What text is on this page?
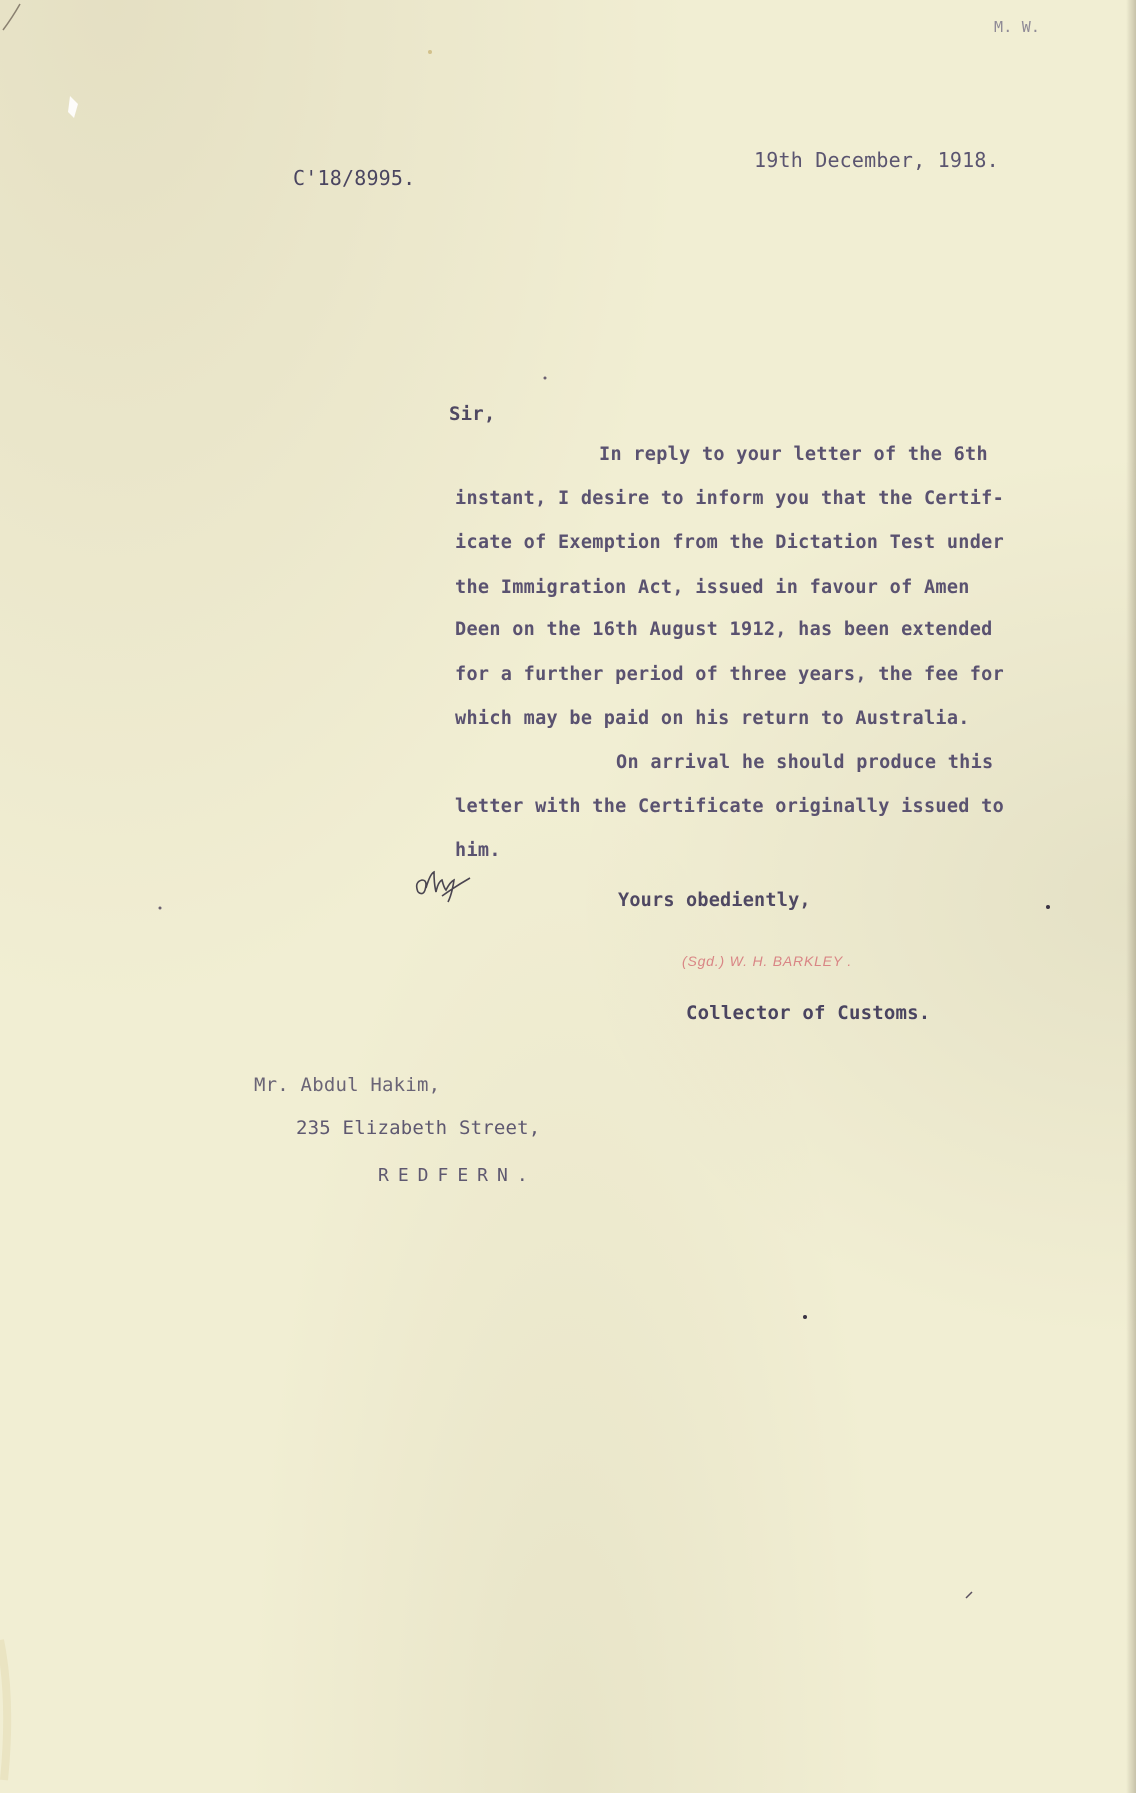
M. W.
C'18/8995.
19th December, 1918.
Sir,
In reply to your letter of the 6th
instant, I desire to inform you that the Certif-
icate of Exemption from the Dictation Test under
the Immigration Act, issued in favour of Amen
Deen on the 16th August 1912, has been extended
for a further period of three years, the fee for
which may be paid on his return to Australia.
On arrival he should produce this
letter with the Certificate originally issued to
him.
Yours obediently,
(Sgd.) W. H. BARKLEY .
Collector of Customs.
Mr. Abdul Hakim,
235 Elizabeth Street,
REDFERN.
